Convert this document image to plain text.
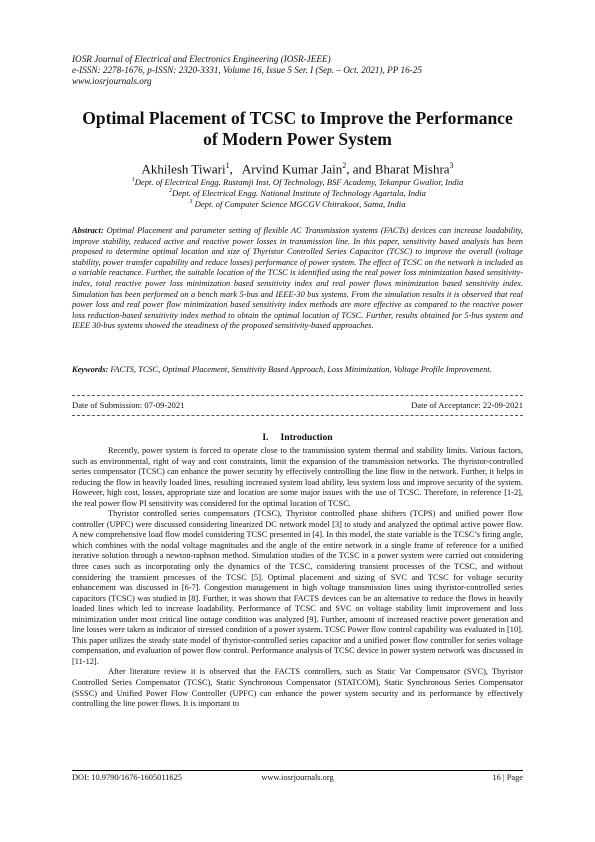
IOSR Journal of Electrical and Electronics Engineering (IOSR-JEEE)
e-ISSN: 2278-1676, p-ISSN: 2320-3331, Volume 16, Issue 5 Ser. I (Sep. – Oct. 2021), PP 16-25
www.iosrjournals.org
Optimal Placement of TCSC to Improve the Performance
of Modern Power System
Akhilesh Tiwari$^1$, Arvind Kumar Jain$^2$, and Bharat Mishra$^3$
$^1$Dept. of Electrical Engg. Rustamji Inst. Of Technology, BSF Academy, Tekanpur Gwalior, India
$^2$Dept. of Electrical Engg. National Institute of Technology Agartala, India
$^3$ Dept. of Computer Science MGCGV Chitrakoot, Satna, India
Abstract: Optimal Placement and parameter setting of flexible AC Transmission systems (FACTs) devices can increase loadability, improve stability, reduced active and reactive power losses in transmission line. In this paper, sensitivity based analysis has been proposed to determine optimal location and size of Thyristor Controlled Series Capacitor (TCSC) to improve the overall (voltage stability, power transfer capability and reduce losses) performance of power system. The effect of TCSC on the network is included as a variable reactance. Further, the suitable location of the TCSC is identified using the real power loss minimization based sensitivity-index, total reactive power loss minimization based sensitivity index and real power flows minimization based sensitivity index. Simulation has been performed on a bench mark 5-bus and IEEE-30 bus systems. From the simulation results it is observed that real power loss and real power flow minimization based sensitivity index methods are more effective as compared to the reactive power loss reduction-based sensitivity index method to obtain the optimal location of TCSC. Further, results obtained for 5-bus system and IEEE 30-bus systems showed the steadiness of the proposed sensitivity-based approaches.
Keywords: FACTS, TCSC, Optimal Placement, Sensitivity Based Approach, Loss Minimization, Voltage Profile Improvement.
Date of Submission: 07-09-2021	Date of Acceptance: 22-09-2021
I. Introduction

Recently, power system is forced to operate close to the transmission system thermal and stability limits. Various factors, such as environmental, right of way and cost constraints, limit the expansion of the transmission networks. The thyristor-controlled series compensator (TCSC) can enhance the power security by effectively controlling the line flow in the network. Further, it helps in reducing the flow in heavily loaded lines, resulting increased system load ability, less system loss and improve security of the system. However, high cost, losses, appropriate size and location are some major issues with the use of TCSC. Therefore, in reference [1-2], the real power flow PI sensitivity was considered for the optimal location of TCSC.

Thyristor controlled series compensators (TCSC), Thyristor controlled phase shifters (TCPS) and unified power flow controller (UPFC) were discussed considering linearized DC network model [3] to study and analyzed the optimal active power flow. A new comprehensive load flow model considering TCSC presented in [4]. In this model, the state variable is the TCSC’s firing angle, which combines with the nodal voltage magnitudes and the angle of the entire network in a single frame of reference for a unified iterative solution through a newton-raphson method. Simulation studies of the TCSC in a power system were carried out considering three cases such as incorporating only the dynamics of the TCSC, considering transient processes of the TCSC, and without considering the transient processes of the TCSC [5]. Optimal placement and sizing of SVC and TCSC for voltage security enhancement was discussed in [6-7]. Congestion management in high voltage transmission lines using thyristor-controlled series capacitors (TCSC) was studied in [8]. Further, it was shown that FACTS devices can be an alternative to reduce the flows in heavily loaded lines which led to increase loadability. Performance of TCSC and SVC on voltage stability limit improvement and loss minimization under most critical line outage condition was analyzed [9]. Further, amount of increased reactive power generation and line losses were taken as indicator of stressed condition of a power system. TCSC Power flow control capability was evaluated in [10]. This paper utilizes the steady state model of thyristor-controlled series capacitor and a unified power flow controller for series voltage compensation, and evaluation of power flow control. Performance analysis of TCSC device in power system network was discussed in [11-12].

After literature review it is observed that the FACTS controllers, such as Static Var Compensator (SVC), Thyristor Controlled Series Compensator (TCSC), Static Synchronous Compensator (STATCOM), Static Synchronous Series Compensator (SSSC) and Unified Power Flow Controller (UPFC) can enhance the power system security and its performance by effectively controlling the line power flows. It is important to

DOI: 10.9790/1676-1605011625	www.iosrjournals.org	16 | Page
